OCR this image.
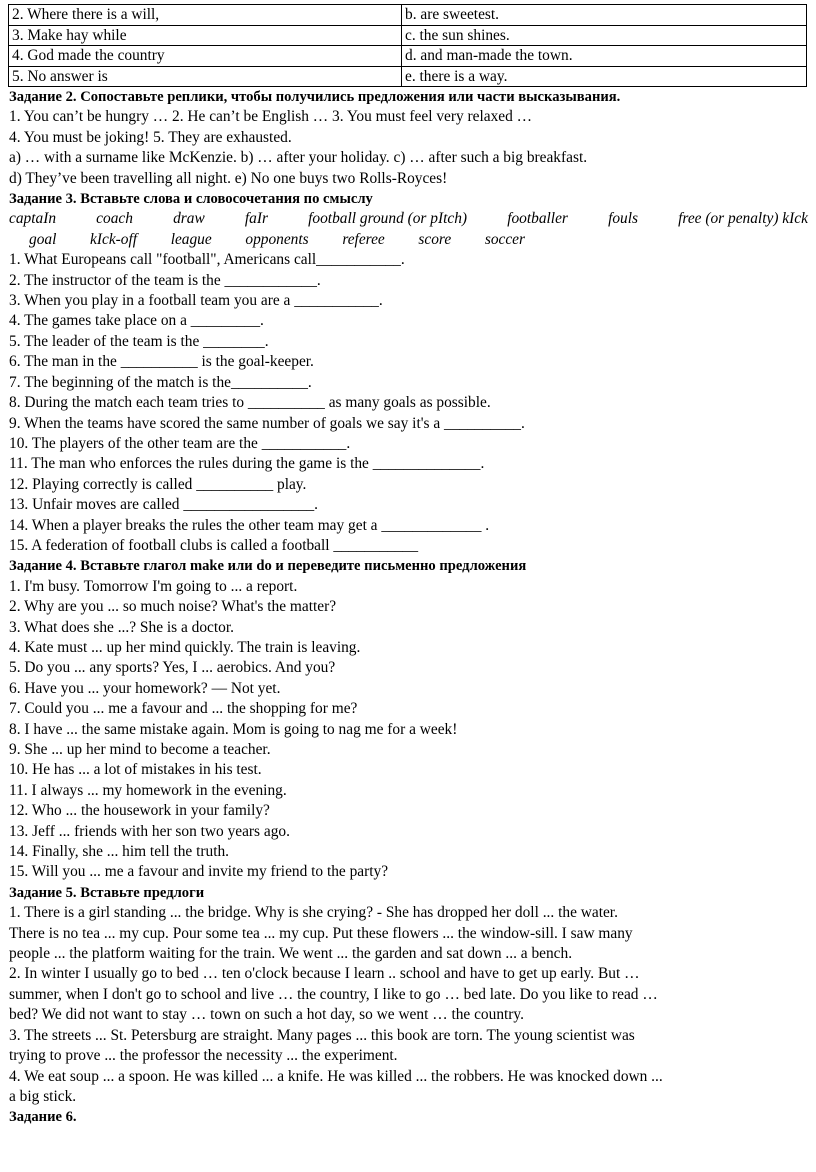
2. Where there is a will,	b. are sweetest.
3. Make hay while	c. the sun shines.
4. God made the country	d. and man-made the town.
5. No answer is	e. there is a way.
Задание 2. Сопоставьте реплики, чтобы получились предложения или части высказывания.
1. You can’t be hungry … 2. He can’t be English … 3. You must feel very relaxed …
4. You must be joking! 5. They are exhausted.
a) … with a surname like McKenzie. b) … after your holiday. c) … after such a big breakfast.
d) They’ve been travelling all night. e) No one buys two Rolls-Royces!
Задание 3. Вставьте слова и словосочетания по смыслу
captaIn	coach	draw	faIr	football ground (or pItch)	footballer	fouls	free (or penalty) kIck
goal kIck-off league opponents referee score soccer
1. What Europeans call "football", Americans call___________.
2. The instructor of the team is the ____________.
3. When you play in a football team you are a ___________.
4. The games take place on a _________.
5. The leader of the team is the ________.
6. The man in the __________ is the goal-keeper.
7. The beginning of the match is the__________.
8. During the match each team tries to __________ as many goals as possible.
9. When the teams have scored the same number of goals we say it's a __________.
10. The players of the other team are the ___________.
11. The man who enforces the rules during the game is the ______________.
12. Playing correctly is called __________ play.
13. Unfair moves are called _________________.
14. When a player breaks the rules the other team may get a _____________ .
15. A federation of football clubs is called a football ___________
Задание 4. Вставьте глагол make или do и переведите письменно предложения
1. I'm busy. Tomorrow I'm going to ... a report.
2. Why are you ... so much noise? What's the matter?
3. What does she ...? She is a doctor.
4. Kate must ... up her mind quickly. The train is leaving.
5. Do you ... any sports? Yes, I ... aerobics. And you?
6. Have you ... your homework? — Not yet.
7. Could you ... me a favour and ... the shopping for me?
8. I have ... the same mistake again. Mom is going to nag me for a week!
9. She ... up her mind to become a teacher.
10. He has ... a lot of mistakes in his test.
11. I always ... my homework in the evening.
12. Who ... the housework in your family?
13. Jeff ... friends with her son two years ago.
14. Finally, she ... him tell the truth.
15. Will you ... me a favour and invite my friend to the party?
Задание 5. Вставьте предлоги
1. There is a girl standing ... the bridge. Why is she crying? - She has dropped her doll ... the water.
There is no tea ... my cup. Pour some tea ... my cup. Put these flowers ... the window-sill. I saw many
people ... the platform waiting for the train. We went ... the garden and sat down ... a bench.
2. In winter I usually go to bed … ten o'clock because I learn .. school and have to get up early. But …
summer, when I don't go to school and live … the country, I like to go … bed late. Do you like to read …
bed? We did not want to stay … town on such a hot day, so we went … the country.
3. The streets ... St. Petersburg are straight. Many pages ... this book are torn. The young scientist was
trying to prove ... the professor the necessity ... the experiment.
4. We eat soup ... a spoon. He was killed ... a knife. He was killed ... the robbers. He was knocked down ...
a big stick.
Задание 6.
